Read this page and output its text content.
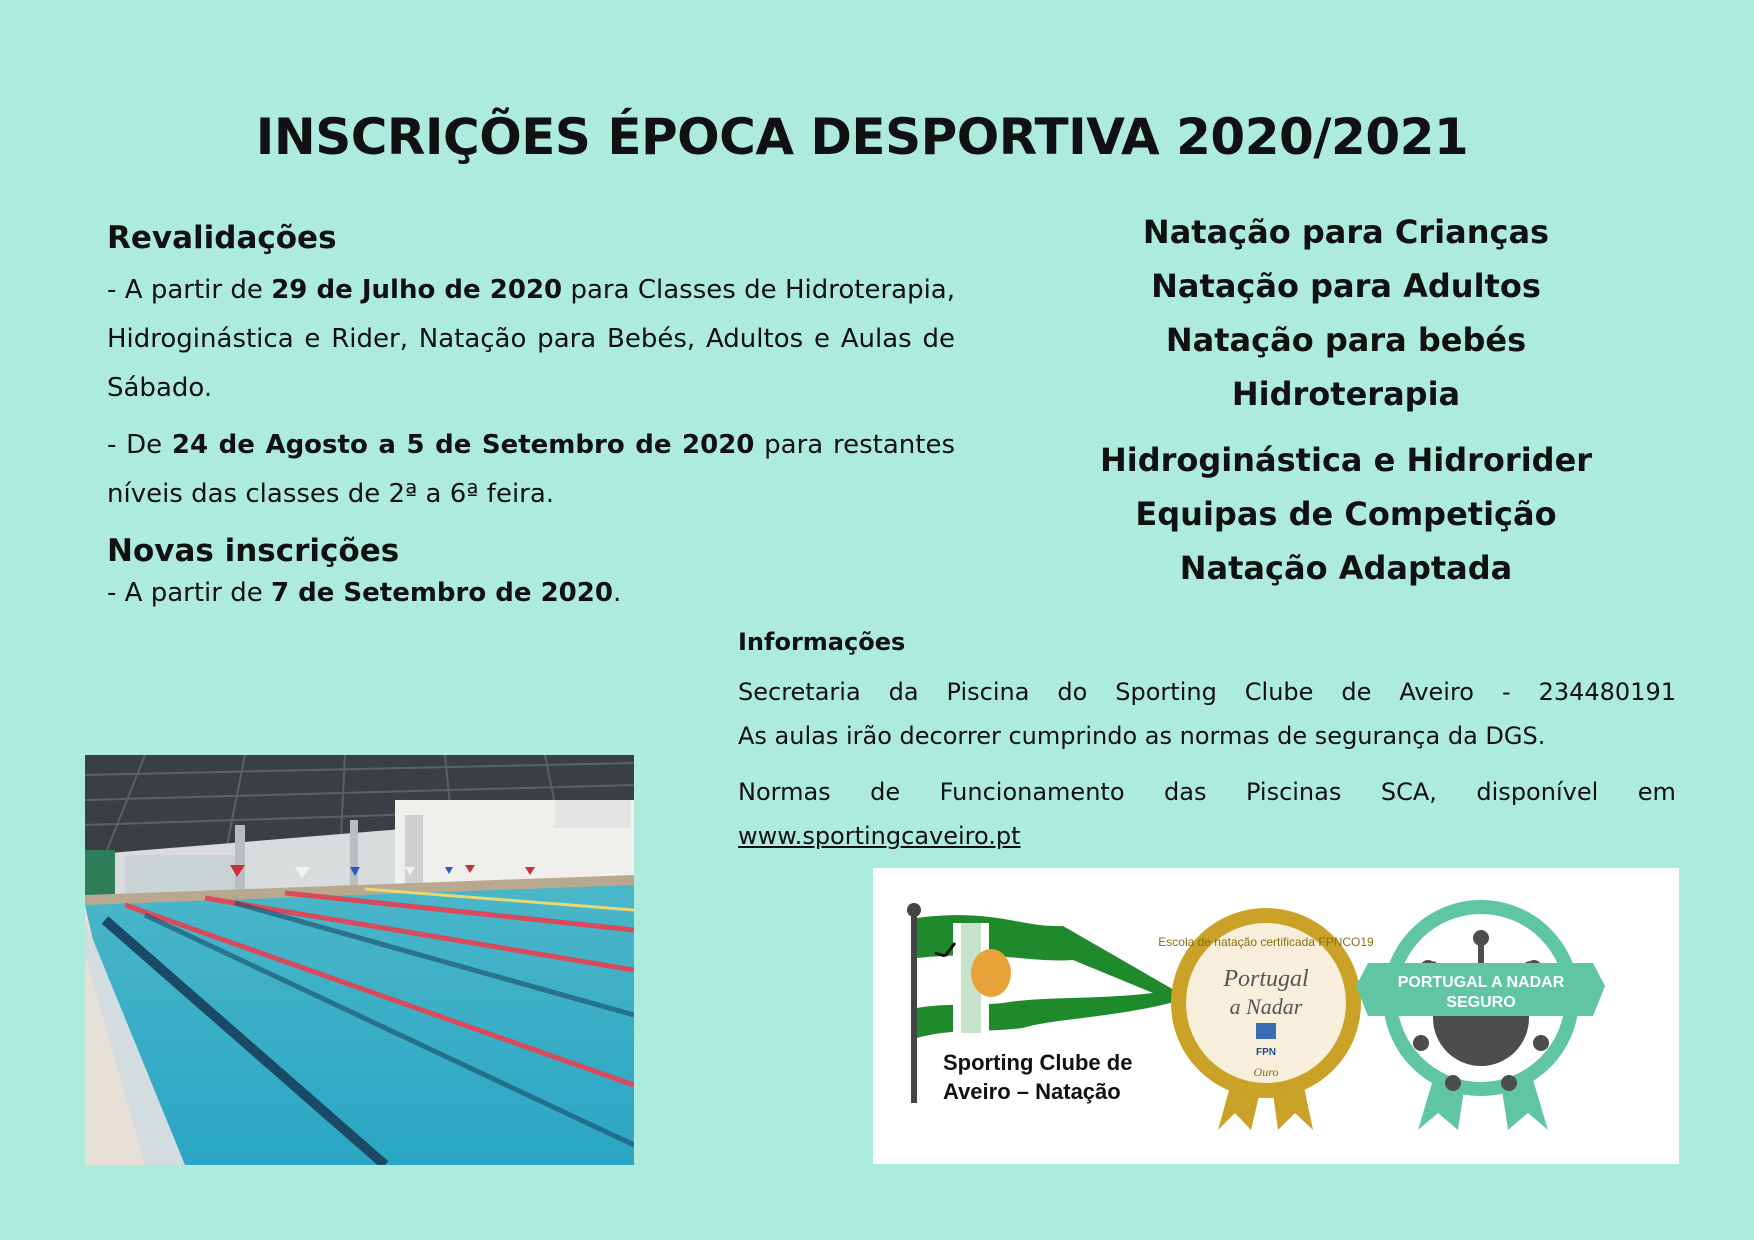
INSCRIÇÕES ÉPOCA DESPORTIVA 2020/2021
Revalidações

- A partir de 29 de Julho de 2020 para Classes de Hidroterapia, Hidroginástica e Rider, Natação para Bebés, Adultos e Aulas de Sábado.

- De 24 de Agosto a 5 de Setembro de 2020 para restantes níveis das classes de 2ª a 6ª feira.

Novas inscrições

- A partir de 7 de Setembro de 2020.

Natação para Crianças
Natação para Adultos
Natação para bebés
Hidroterapia
Hidroginástica e Hidrorider
Equipas de Competição
Natação Adaptada

Informações

Secretaria da Piscina do Sporting Clube de Aveiro - 234480191

As aulas irão decorrer cumprindo as normas de segurança da DGS.

Normas de Funcionamento das Piscinas SCA, disponível em

www.sportingcaveiro.pt

Sporting Clube de
Aveiro – Natação
Escola de natação certificada FPNCO19
Portugal
a Nadar
FPN
Ouro
PORTUGAL A NADAR
SEGURO
